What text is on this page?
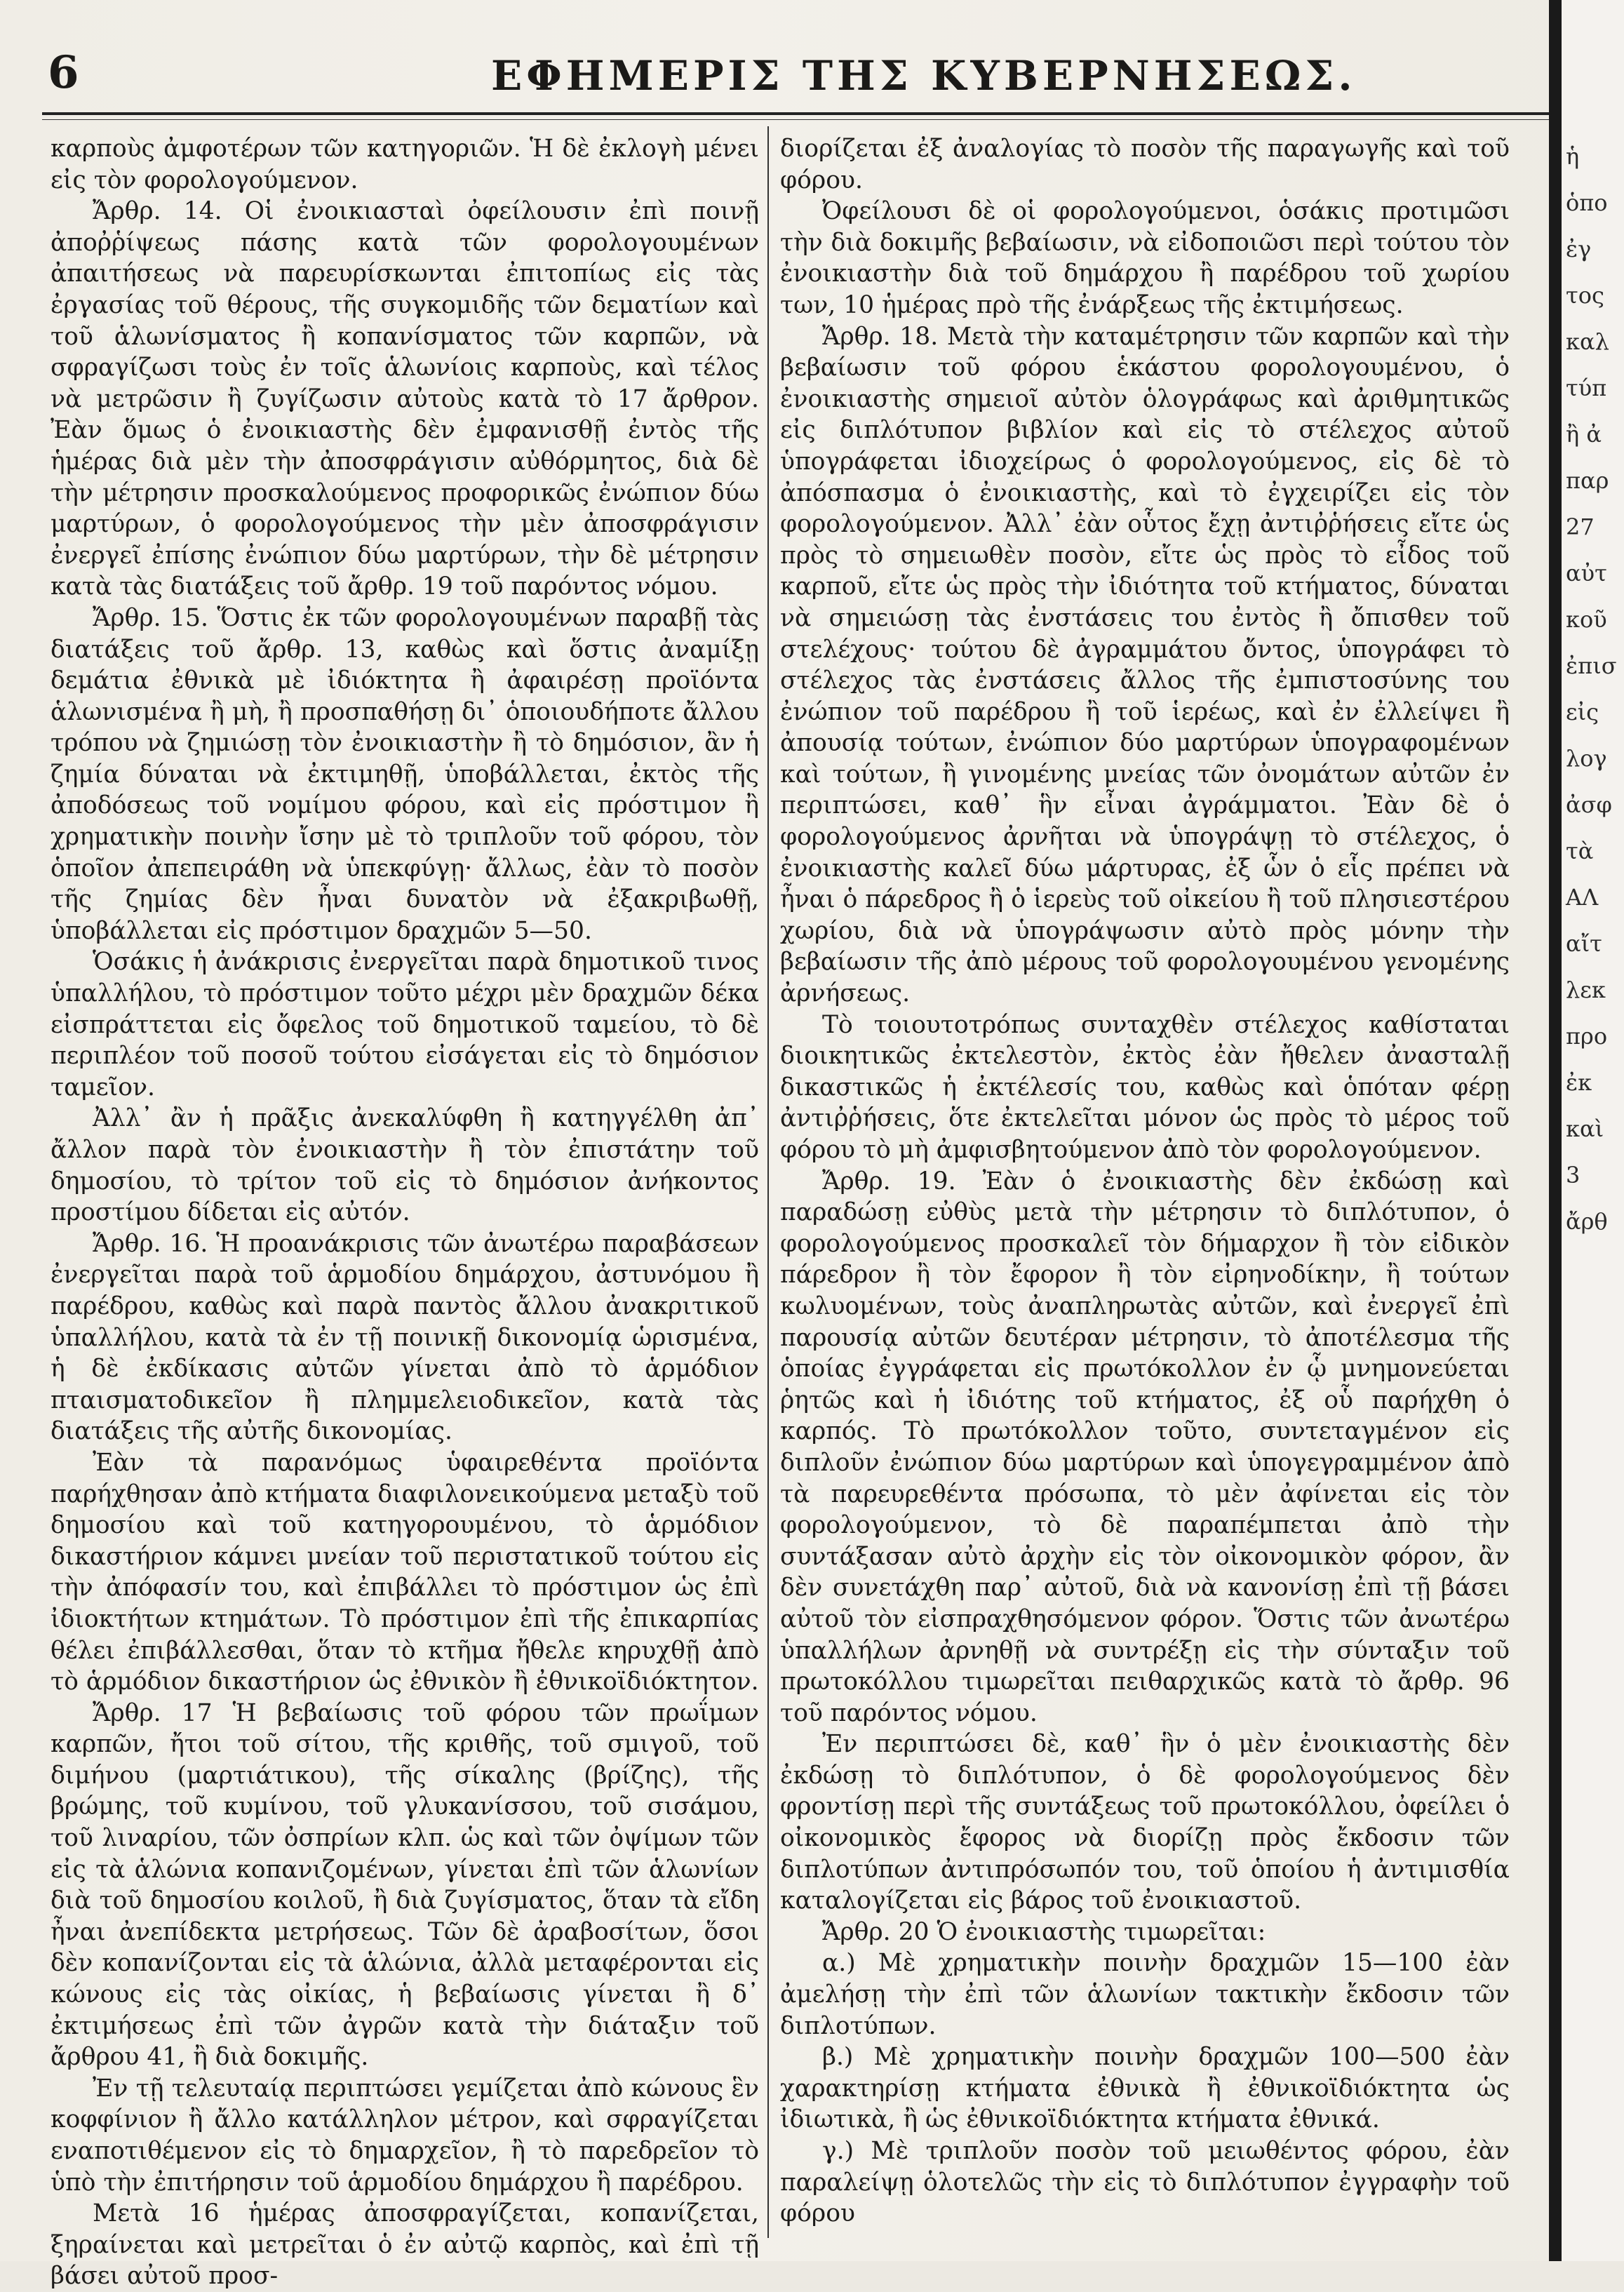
6	ΕΦΗΜΕΡΙΣ ΤΗΣ ΚΥΒΕΡΝΗΣΕΩΣ.

καρποὺς ἀμφοτέρων τῶν κατηγοριῶν. Ἡ δὲ ἐκλογὴ μένει εἰς τὸν φορολογούμενον.

Ἄρθρ. 14. Οἱ ἐνοικιασταὶ ὀφείλουσιν ἐπὶ ποινῇ ἀποῤῥίψεως πάσης κατὰ τῶν φορολογουμένων ἀπαιτήσεως νὰ παρευρίσκωνται ἐπιτοπίως εἰς τὰς ἐργασίας τοῦ θέρους, τῆς συγκομιδῆς τῶν δεματίων καὶ τοῦ ἁλωνίσματος ἢ κοπανίσματος τῶν καρπῶν, νὰ σφραγίζωσι τοὺς ἐν τοῖς ἁλωνίοις καρποὺς, καὶ τέλος νὰ μετρῶσιν ἢ ζυγίζωσιν αὐτοὺς κατὰ τὸ 17 ἄρθρον. Ἐὰν ὅμως ὁ ἐνοικιαστὴς δὲν ἐμφανισθῇ ἐντὸς τῆς ἡμέρας διὰ μὲν τὴν ἀποσφράγισιν αὐθόρμητος, διὰ δὲ τὴν μέτρησιν προσκαλούμενος προφορικῶς ἐνώπιον δύω μαρτύρων, ὁ φορολογούμενος τὴν μὲν ἀποσφράγισιν ἐνεργεῖ ἐπίσης ἐνώπιον δύω μαρτύρων, τὴν δὲ μέτρησιν κατὰ τὰς διατάξεις τοῦ ἄρθρ. 19 τοῦ παρόντος νόμου.

Ἄρθρ. 15. Ὅστις ἐκ τῶν φορολογουμένων παραβῇ τὰς διατάξεις τοῦ ἄρθρ. 13, καθὼς καὶ ὅστις ἀναμίξῃ δεμάτια ἐθνικὰ μὲ ἰδιόκτητα ἢ ἀφαιρέσῃ προϊόντα ἁλωνισμένα ἢ μὴ, ἢ προσπαθήσῃ δι᾽ ὁποιουδήποτε ἄλλου τρόπου νὰ ζημιώσῃ τὸν ἐνοικιαστὴν ἢ τὸ δημόσιον, ἂν ἡ ζημία δύναται νὰ ἐκτιμηθῇ, ὑποβάλλεται, ἐκτὸς τῆς ἀποδόσεως τοῦ νομίμου φόρου, καὶ εἰς πρόστιμον ἢ χρηματικὴν ποινὴν ἴσην μὲ τὸ τριπλοῦν τοῦ φόρου, τὸν ὁποῖον ἀπεπειράθη νὰ ὑπεκφύγῃ· ἄλλως, ἐὰν τὸ ποσὸν τῆς ζημίας δὲν ἦναι δυνατὸν νὰ ἐξακριβωθῇ, ὑποβάλλεται εἰς πρόστιμον δραχμῶν 5—50.

Ὁσάκις ἡ ἀνάκρισις ἐνεργεῖται παρὰ δημοτικοῦ τινος ὑπαλλήλου, τὸ πρόστιμον τοῦτο μέχρι μὲν δραχμῶν δέκα εἰσπράττεται εἰς ὄφελος τοῦ δημοτικοῦ ταμείου, τὸ δὲ περιπλέον τοῦ ποσοῦ τούτου εἰσάγεται εἰς τὸ δημόσιον ταμεῖον.

Ἀλλ᾽ ἂν ἡ πρᾶξις ἀνεκαλύφθη ἢ κατηγγέλθη ἀπ᾽ ἄλλον παρὰ τὸν ἐνοικιαστὴν ἢ τὸν ἐπιστάτην τοῦ δημοσίου, τὸ τρίτον τοῦ εἰς τὸ δημόσιον ἀνήκοντος προστίμου δίδεται εἰς αὐτόν.

Ἄρθρ. 16. Ἡ προανάκρισις τῶν ἀνωτέρω παραβάσεων ἐνεργεῖται παρὰ τοῦ ἁρμοδίου δημάρχου, ἀστυνόμου ἢ παρέδρου, καθὼς καὶ παρὰ παντὸς ἄλλου ἀνακριτικοῦ ὑπαλλήλου, κατὰ τὰ ἐν τῇ ποινικῇ δικονομίᾳ ὡρισμένα, ἡ δὲ ἐκδίκασις αὐτῶν γίνεται ἀπὸ τὸ ἁρμόδιον πταισματοδικεῖον ἢ πλημμελειοδικεῖον, κατὰ τὰς διατάξεις τῆς αὐτῆς δικονομίας.

Ἐὰν τὰ παρανόμως ὑφαιρεθέντα προϊόντα παρήχθησαν ἀπὸ κτήματα διαφιλονεικούμενα μεταξὺ τοῦ δημοσίου καὶ τοῦ κατηγορουμένου, τὸ ἁρμόδιον δικαστήριον κάμνει μνείαν τοῦ περιστατικοῦ τούτου εἰς τὴν ἀπόφασίν του, καὶ ἐπιβάλλει τὸ πρόστιμον ὡς ἐπὶ ἰδιοκτήτων κτημάτων. Τὸ πρόστιμον ἐπὶ τῆς ἐπικαρπίας θέλει ἐπιβάλλεσθαι, ὅταν τὸ κτῆμα ἤθελε κηρυχθῇ ἀπὸ τὸ ἁρμόδιον δικαστήριον ὡς ἐθνικὸν ἢ ἐθνικοϊδιόκτητον.

Ἄρθρ. 17 Ἡ βεβαίωσις τοῦ φόρου τῶν πρωΐμων καρπῶν, ἤτοι τοῦ σίτου, τῆς κριθῆς, τοῦ σμιγοῦ, τοῦ διμήνου (μαρτιάτικου), τῆς σίκαλης (βρίζης), τῆς βρώμης, τοῦ κυμίνου, τοῦ γλυκανίσσου, τοῦ σισάμου, τοῦ λιναρίου, τῶν ὀσπρίων κλπ. ὡς καὶ τῶν ὀψίμων τῶν εἰς τὰ ἁλώνια κοπανιζομένων, γίνεται ἐπὶ τῶν ἁλωνίων διὰ τοῦ δημοσίου κοιλοῦ, ἢ διὰ ζυγίσματος, ὅταν τὰ εἴδη ἦναι ἀνεπίδεκτα μετρήσεως. Τῶν δὲ ἀραβοσίτων, ὅσοι δὲν κοπανίζονται εἰς τὰ ἁλώνια, ἀλλὰ μεταφέρονται εἰς κώνους εἰς τὰς οἰκίας, ἡ βεβαίωσις γίνεται ἢ δ᾽ ἐκτιμήσεως ἐπὶ τῶν ἀγρῶν κατὰ τὴν διάταξιν τοῦ ἄρθρου 41, ἢ διὰ δοκιμῆς.

Ἐν τῇ τελευταίᾳ περιπτώσει γεμίζεται ἀπὸ κώνους ἓν κοφφίνιον ἢ ἄλλο κατάλληλον μέτρον, καὶ σφραγίζεται εναποτιθέμενον εἰς τὸ δημαρχεῖον, ἢ τὸ παρεδρεῖον τὸ ὑπὸ τὴν ἐπιτήρησιν τοῦ ἁρμοδίου δημάρχου ἢ παρέδρου.

Μετὰ 16 ἡμέρας ἀποσφραγίζεται, κοπανίζεται, ξηραίνεται καὶ μετρεῖται ὁ ἐν αὐτῷ καρπὸς, καὶ ἐπὶ τῇ βάσει αὐτοῦ προσ-

διορίζεται ἐξ ἀναλογίας τὸ ποσὸν τῆς παραγωγῆς καὶ τοῦ φόρου.

Ὀφείλουσι δὲ οἱ φορολογούμενοι, ὁσάκις προτιμῶσι τὴν διὰ δοκιμῆς βεβαίωσιν, νὰ εἰδοποιῶσι περὶ τούτου τὸν ἐνοικιαστὴν διὰ τοῦ δημάρχου ἢ παρέδρου τοῦ χωρίου των, 10 ἡμέρας πρὸ τῆς ἐνάρξεως τῆς ἐκτιμήσεως.

Ἄρθρ. 18. Μετὰ τὴν καταμέτρησιν τῶν καρπῶν καὶ τὴν βεβαίωσιν τοῦ φόρου ἑκάστου φορολογουμένου, ὁ ἐνοικιαστὴς σημειοῖ αὐτὸν ὁλογράφως καὶ ἀριθμητικῶς εἰς διπλότυπον βιβλίον καὶ εἰς τὸ στέλεχος αὐτοῦ ὑπογράφεται ἰδιοχείρως ὁ φορολογούμενος, εἰς δὲ τὸ ἀπόσπασμα ὁ ἐνοικιαστὴς, καὶ τὸ ἐγχειρίζει εἰς τὸν φορολογούμενον. Ἀλλ᾽ ἐὰν οὗτος ἔχῃ ἀντιῤῥήσεις εἴτε ὡς πρὸς τὸ σημειωθὲν ποσὸν, εἴτε ὡς πρὸς τὸ εἶδος τοῦ καρποῦ, εἴτε ὡς πρὸς τὴν ἰδιότητα τοῦ κτήματος, δύναται νὰ σημειώσῃ τὰς ἐνστάσεις του ἐντὸς ἢ ὄπισθεν τοῦ στελέχους· τούτου δὲ ἀγραμμάτου ὄντος, ὑπογράφει τὸ στέλεχος τὰς ἐνστάσεις ἄλλος τῆς ἐμπιστοσύνης του ἐνώπιον τοῦ παρέδρου ἢ τοῦ ἱερέως, καὶ ἐν ἐλλείψει ἢ ἀπουσίᾳ τούτων, ἐνώπιον δύο μαρτύρων ὑπογραφομένων καὶ τούτων, ἢ γινομένης μνείας τῶν ὀνομάτων αὐτῶν ἐν περιπτώσει, καθ᾽ ἣν εἶναι ἀγράμματοι. Ἐὰν δὲ ὁ φορολογούμενος ἀρνῆται νὰ ὑπογράψῃ τὸ στέλεχος, ὁ ἐνοικιαστὴς καλεῖ δύω μάρτυρας, ἐξ ὧν ὁ εἷς πρέπει νὰ ἦναι ὁ πάρεδρος ἢ ὁ ἱερεὺς τοῦ οἰκείου ἢ τοῦ πλησιεστέρου χωρίου, διὰ νὰ ὑπογράψωσιν αὐτὸ πρὸς μόνην τὴν βεβαίωσιν τῆς ἀπὸ μέρους τοῦ φορολογουμένου γενομένης ἀρνήσεως.

Τὸ τοιουτοτρόπως συνταχθὲν στέλεχος καθίσταται διοικητικῶς ἐκτελεστὸν, ἐκτὸς ἐὰν ἤθελεν ἀνασταλῇ δικαστικῶς ἡ ἐκτέλεσίς του, καθὼς καὶ ὁπόταν φέρῃ ἀντιῤῥήσεις, ὅτε ἐκτελεῖται μόνον ὡς πρὸς τὸ μέρος τοῦ φόρου τὸ μὴ ἀμφισβητούμενον ἀπὸ τὸν φορολογούμενον.

Ἄρθρ. 19. Ἐὰν ὁ ἐνοικιαστὴς δὲν ἐκδώσῃ καὶ παραδώσῃ εὐθὺς μετὰ τὴν μέτρησιν τὸ διπλότυπον, ὁ φορολογούμενος προσκαλεῖ τὸν δήμαρχον ἢ τὸν εἰδικὸν πάρεδρον ἢ τὸν ἔφορον ἢ τὸν εἰρηνοδίκην, ἢ τούτων κωλυομένων, τοὺς ἀναπληρωτὰς αὐτῶν, καὶ ἐνεργεῖ ἐπὶ παρουσίᾳ αὐτῶν δευτέραν μέτρησιν, τὸ ἀποτέλεσμα τῆς ὁποίας ἐγγράφεται εἰς πρωτόκολλον ἐν ᾧ μνημονεύεται ῥητῶς καὶ ἡ ἰδιότης τοῦ κτήματος, ἐξ οὗ παρήχθη ὁ καρπός. Τὸ πρωτόκολλον τοῦτο, συντεταγμένον εἰς διπλοῦν ἐνώπιον δύω μαρτύρων καὶ ὑπογεγραμμένον ἀπὸ τὰ παρευρεθέντα πρόσωπα, τὸ μὲν ἀφίνεται εἰς τὸν φορολογούμενον, τὸ δὲ παραπέμπεται ἀπὸ τὴν συντάξασαν αὐτὸ ἀρχὴν εἰς τὸν οἰκονομικὸν φόρον, ἂν δὲν συνετάχθη παρ᾽ αὐτοῦ, διὰ νὰ κανονίσῃ ἐπὶ τῇ βάσει αὐτοῦ τὸν εἰσπραχθησόμενον φόρον. Ὅστις τῶν ἀνωτέρω ὑπαλλήλων ἀρνηθῇ νὰ συντρέξῃ εἰς τὴν σύνταξιν τοῦ πρωτοκόλλου τιμωρεῖται πειθαρχικῶς κατὰ τὸ ἄρθρ. 96 τοῦ παρόντος νόμου.

Ἐν περιπτώσει δὲ, καθ᾽ ἣν ὁ μὲν ἐνοικιαστὴς δὲν ἐκδώσῃ τὸ διπλότυπον, ὁ δὲ φορολογούμενος δὲν φροντίσῃ περὶ τῆς συντάξεως τοῦ πρωτοκόλλου, ὀφείλει ὁ οἰκονομικὸς ἔφορος νὰ διορίζῃ πρὸς ἔκδοσιν τῶν διπλοτύπων ἀντιπρόσωπόν του, τοῦ ὁποίου ἡ ἀντιμισθία καταλογίζεται εἰς βάρος τοῦ ἐνοικιαστοῦ.

Ἄρθρ. 20 Ὁ ἐνοικιαστὴς τιμωρεῖται:

α.) Μὲ χρηματικὴν ποινὴν δραχμῶν 15—100 ἐὰν ἀμελήσῃ τὴν ἐπὶ τῶν ἁλωνίων τακτικὴν ἔκδοσιν τῶν διπλοτύπων.

β.) Μὲ χρηματικὴν ποινὴν δραχμῶν 100—500 ἐὰν χαρακτηρίσῃ κτήματα ἐθνικὰ ἢ ἐθνικοϊδιόκτητα ὡς ἰδιωτικὰ, ἢ ὡς ἐθνικοϊδιόκτητα κτήματα ἐθνικά.

γ.) Μὲ τριπλοῦν ποσὸν τοῦ μειωθέντος φόρου, ἐὰν παραλείψῃ ὁλοτελῶς τὴν εἰς τὸ διπλότυπον ἐγγραφὴν τοῦ φόρου

ἡ
ὁπο
ἐγ
τος
καλ
τύπ
ἢ ἀ
παρ
27
αὐτ
κοῦ
ἐπισ
εἰς
λογ
ἀσφ
τὰ
ΑΛ
αἴτ
λεκ
προ
ἐκ
καὶ
3
ἄρθ
